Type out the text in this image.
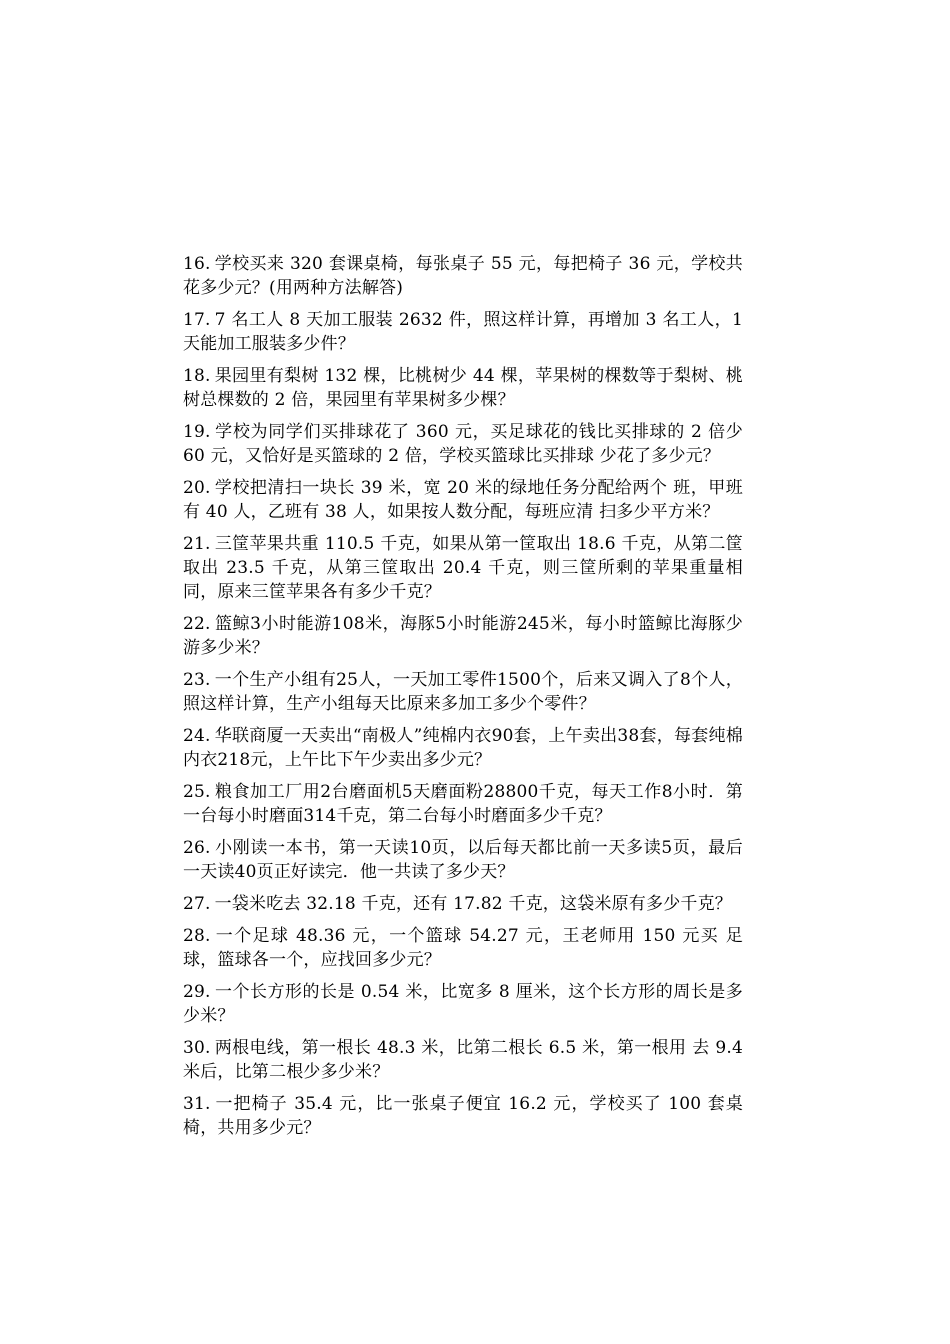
16. 学校买来 320 套课桌椅，每张桌子 55 元，每把椅子 36 元，学校共花多少元？(用两种方法解答)

17. 7 名工人 8 天加工服装 2632 件，照这样计算，再增加 3 名工人，1 天能加工服装多少件？

18. 果园里有梨树 132 棵，比桃树少 44 棵，苹果树的棵数等于梨树、桃树总棵数的 2 倍，果园里有苹果树多少棵？

19. 学校为同学们买排球花了 360 元，买足球花的钱比买排球的 2 倍少 60 元，又恰好是买篮球的 2 倍，学校买篮球比买排球 少花了多少元？

20. 学校把清扫一块长 39 米，宽 20 米的绿地任务分配给两个 班，甲班有 40 人，乙班有 38 人，如果按人数分配，每班应清 扫多少平方米？

21. 三筐苹果共重 110.5 千克，如果从第一筐取出 18.6 千克，从第二筐取出 23.5 千克，从第三筐取出 20.4 千克，则三筐所剩的苹果重量相同，原来三筐苹果各有多少千克？

22. 篮鲸3小时能游108米，海豚5小时能游245米，每小时篮鲸比海豚少游多少米？

23. 一个生产小组有25人，一天加工零件1500个，后来又调入了8个人，照这样计算，生产小组每天比原来多加工多少个零件？

24. 华联商厦一天卖出“南极人”纯棉内衣90套，上午卖出38套，每套纯棉内衣218元，上午比下午少卖出多少元？

25. 粮食加工厂用2台磨面机5天磨面粉28800千克，每天工作8小时．第一台每小时磨面314千克，第二台每小时磨面多少千克？

26. 小刚读一本书，第一天读10页，以后每天都比前一天多读5页，最后一天读40页正好读完．他一共读了多少天？

27. 一袋米吃去 32.18 千克，还有 17.82 千克，这袋米原有多少千克？

28. 一个足球 48.36 元，一个篮球 54.27 元，王老师用 150 元买 足球，篮球各一个，应找回多少元？

29. 一个长方形的长是 0.54 米，比宽多 8 厘米，这个长方形的周长是多少米？

30. 两根电线，第一根长 48.3 米，比第二根长 6.5 米，第一根用 去 9.4 米后，比第二根少多少米？

31. 一把椅子 35.4 元，比一张桌子便宜 16.2 元，学校买了 100 套桌椅，共用多少元？
